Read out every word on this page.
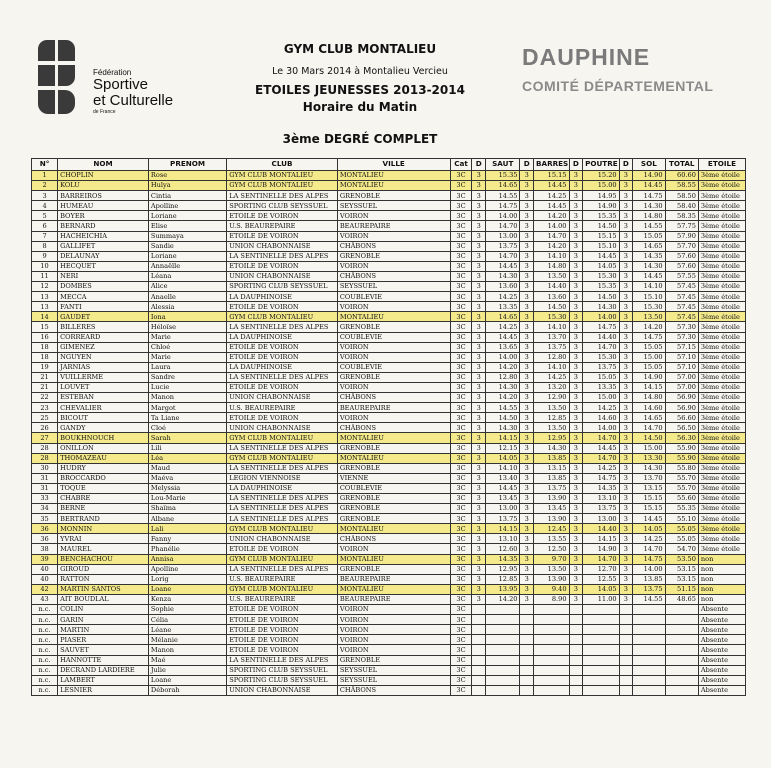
Fédération
Sportive
et Culturelle
de France
GYM CLUB MONTALIEU
Le 30 Mars 2014 à Montalieu Vercieu
ETOILES JEUNESSES 2013-2014
Horaire du Matin
3ème DEGRÉ COMPLET
DAUPHINE
COMITÉ DÉPARTEMENTAL
N°	NOM	PRENOM	CLUB	VILLE	Cat	D	SAUT	D	BARRES	D	POUTRE	D	SOL	TOTAL	ETOILE
1	CHOPLIN	Rose	GYM CLUB MONTALIEU	MONTALIEU	3C	3	15.35	3	15.15	3	15.20	3	14.90	60.60	3ème étoile
2	KOLU	Hulya	GYM CLUB MONTALIEU	MONTALIEU	3C	3	14.65	3	14.45	3	15.00	3	14.45	58.55	3ème étoile
3	BARREIROS	Cintia	LA SENTINELLE DES ALPES	GRENOBLE	3C	3	14.55	3	14.25	3	14.95	3	14.75	58.50	3ème étoile
4	HUMEAU	Apolline	SPORTING CLUB SEYSSUEL	SEYSSUEL	3C	3	14.75	3	14.45	3	14.90	3	14.30	58.40	3ème étoile
5	BOYER	Loriane	ETOILE DE VOIRON	VOIRON	3C	3	14.00	3	14.20	3	15.35	3	14.80	58.35	3ème étoile
6	BERNARD	Elise	U.S. BEAUREPAIRE	BEAUREPAIRE	3C	3	14.70	3	14.00	3	14.50	3	14.55	57.75	3ème étoile
7	HACHEICHIA	Summaya	ETOILE DE VOIRON	VOIRON	3C	3	13.00	3	14.70	3	15.15	3	15.05	57.90	3ème étoile
8	GALLIFET	Sandie	UNION CHABONNAISE	CHÂBONS	3C	3	13.75	3	14.20	3	15.10	3	14.65	57.70	3ème étoile
9	DELAUNAY	Loriane	LA SENTINELLE DES ALPES	GRENOBLE	3C	3	14.70	3	14.10	3	14.45	3	14.35	57.60	3ème étoile
10	HECQUET	Annaëlle	ETOILE DE VOIRON	VOIRON	3C	3	14.45	3	14.80	3	14.05	3	14.30	57.60	3ème étoile
11	NERI	Léana	UNION CHABONNAISE	CHÂBONS	3C	3	14.30	3	13.50	3	15.30	3	14.45	57.55	3ème étoile
12	DOMBES	Alice	SPORTING CLUB SEYSSUEL	SEYSSUEL	3C	3	13.60	3	14.40	3	15.35	3	14.10	57.45	3ème étoile
13	MECCA	Anaelle	LA DAUPHINOISE	COUBLEVIE	3C	3	14.25	3	13.60	3	14.50	3	15.10	57.45	3ème étoile
13	FANTI	Alessia	ETOILE DE VOIRON	VOIRON	3C	3	13.35	3	14.50	3	14.30	3	15.30	57.45	3ème étoile
14	GAUDET	Iona	GYM CLUB MONTALIEU	MONTALIEU	3C	3	14.65	3	15.30	3	14.00	3	13.50	57.45	3ème étoile
15	BILLERES	Héloïse	LA SENTINELLE DES ALPES	GRENOBLE	3C	3	14.25	3	14.10	3	14.75	3	14.20	57.30	3ème étoile
16	CORREARD	Marie	LA DAUPHINOISE	COUBLEVIE	3C	3	14.45	3	13.70	3	14.40	3	14.75	57.30	3ème étoile
18	GIMENEZ	Chloé	ETOILE DE VOIRON	VOIRON	3C	3	13.65	3	13.75	3	14.70	3	15.05	57.15	3ème étoile
18	NGUYEN	Marie	ETOILE DE VOIRON	VOIRON	3C	3	14.00	3	12.80	3	15.30	3	15.00	57.10	3ème étoile
19	JARNIAS	Laura	LA DAUPHINOISE	COUBLEVIE	3C	3	14.20	3	14.10	3	13.75	3	15.05	57.10	3ème étoile
21	VUILLERME	Sandre	LA SENTINELLE DES ALPES	GRENOBLE	3C	3	12.80	3	14.25	3	15.05	3	14.90	57.00	3ème étoile
21	LOUVET	Lucie	ETOILE DE VOIRON	VOIRON	3C	3	14.30	3	13.20	3	13.35	3	14.15	57.00	3ème étoile
22	ESTEBAN	Manon	UNION CHABONNAISE	CHÂBONS	3C	3	14.20	3	12.90	3	15.00	3	14.80	56.90	3ème étoile
23	CHEVALIER	Margot	U.S. BEAUREPAIRE	BEAUREPAIRE	3C	3	14.55	3	13.50	3	14.25	3	14.60	56.90	3ème étoile
25	BICOUT	Ta Liane	ETOILE DE VOIRON	VOIRON	3C	3	14.50	3	12.85	3	14.60	3	14.65	56.60	3ème étoile
26	GANDY	Cloé	UNION CHABONNAISE	CHÂBONS	3C	3	14.30	3	13.50	3	14.00	3	14.70	56.50	3ème étoile
27	BOUKHNOUCH	Sarah	GYM CLUB MONTALIEU	MONTALIEU	3C	3	14.15	3	12.95	3	14.70	3	14.50	56.30	3ème étoile
28	ONILLON	Lili	LA SENTINELLE DES ALPES	GRENOBLE	3C	3	12.15	3	14.30	3	14.45	3	15.00	55.90	3ème étoile
28	THOMAZEAU	Léa	GYM CLUB MONTALIEU	MONTALIEU	3C	3	14.05	3	13.85	3	14.70	3	13.30	55.90	3ème étoile
30	HUDRY	Maud	LA SENTINELLE DES ALPES	GRENOBLE	3C	3	14.10	3	13.15	3	14.25	3	14.30	55.80	3ème étoile
31	BROCCARDO	Maéva	LEGION VIENNOISE	VIENNE	3C	3	13.40	3	13.85	3	14.75	3	13.70	55.70	3ème étoile
31	TOQUE	Melyssia	LA DAUPHINOISE	COUBLEVIE	3C	3	14.45	3	13.75	3	14.35	3	13.15	55.70	3ème étoile
33	CHABRE	Lou-Marie	LA SENTINELLE DES ALPES	GRENOBLE	3C	3	13.45	3	13.90	3	13.10	3	15.15	55.60	3ème étoile
34	BERNE	Shaïma	LA SENTINELLE DES ALPES	GRENOBLE	3C	3	13.00	3	13.45	3	13.75	3	15.15	55.35	3ème étoile
35	BERTRAND	Albane	LA SENTINELLE DES ALPES	GRENOBLE	3C	3	13.75	3	13.90	3	13.00	3	14.45	55.10	3ème étoile
36	MONNIN	Lali	GYM CLUB MONTALIEU	MONTALIEU	3C	3	14.15	3	12.45	3	14.40	3	14.05	55.05	3ème étoile
36	YVRAI	Fanny	UNION CHABONNAISE	CHÂBONS	3C	3	13.10	3	13.55	3	14.15	3	14.25	55.05	3ème étoile
38	MAUREL	Phanélie	ETOILE DE VOIRON	VOIRON	3C	3	12.60	3	12.50	3	14.90	3	14.70	54.70	3ème étoile
39	BENCHACHOU	Annisa	GYM CLUB MONTALIEU	MONTALIEU	3C	3	14.35	3	9.70	3	14.70	3	14.75	53.50	non
40	GIROUD	Apolline	LA SENTINELLE DES ALPES	GRENOBLE	3C	3	12.95	3	13.50	3	12.70	3	14.00	53.15	non
40	RATTON	Lorig	U.S. BEAUREPAIRE	BEAUREPAIRE	3C	3	12.85	3	13.90	3	12.55	3	13.85	53.15	non
42	MARTIN SANTOS	Loane	GYM CLUB MONTALIEU	MONTALIEU	3C	3	13.95	3	9.40	3	14.05	3	13.75	51.15	non
43	AIT BOUDLAL	Kenza	U.S. BEAUREPAIRE	BEAUREPAIRE	3C	3	14.20	3	8.90	3	11.00	3	14.55	48.65	non
n.c.	COLIN	Sophie	ETOILE DE VOIRON	VOIRON	3C										Absente
n.c.	GARIN	Célia	ETOILE DE VOIRON	VOIRON	3C										Absente
n.c.	MARTIN	Léane	ETOILE DE VOIRON	VOIRON	3C										Absente
n.c.	PIASER	Mélanie	ETOILE DE VOIRON	VOIRON	3C										Absente
n.c.	SAUVET	Manon	ETOILE DE VOIRON	VOIRON	3C										Absente
n.c.	HANNOTTE	Maé	LA SENTINELLE DES ALPES	GRENOBLE	3C										Absente
n.c.	DECRAND LARDIERE	Julie	SPORTING CLUB SEYSSUEL	SEYSSUEL	3C										Absente
n.c.	LAMBERT	Loane	SPORTING CLUB SEYSSUEL	SEYSSUEL	3C										Absente
n.c.	LESNIER	Déborah	UNION CHABONNAISE	CHÂBONS	3C										Absente
